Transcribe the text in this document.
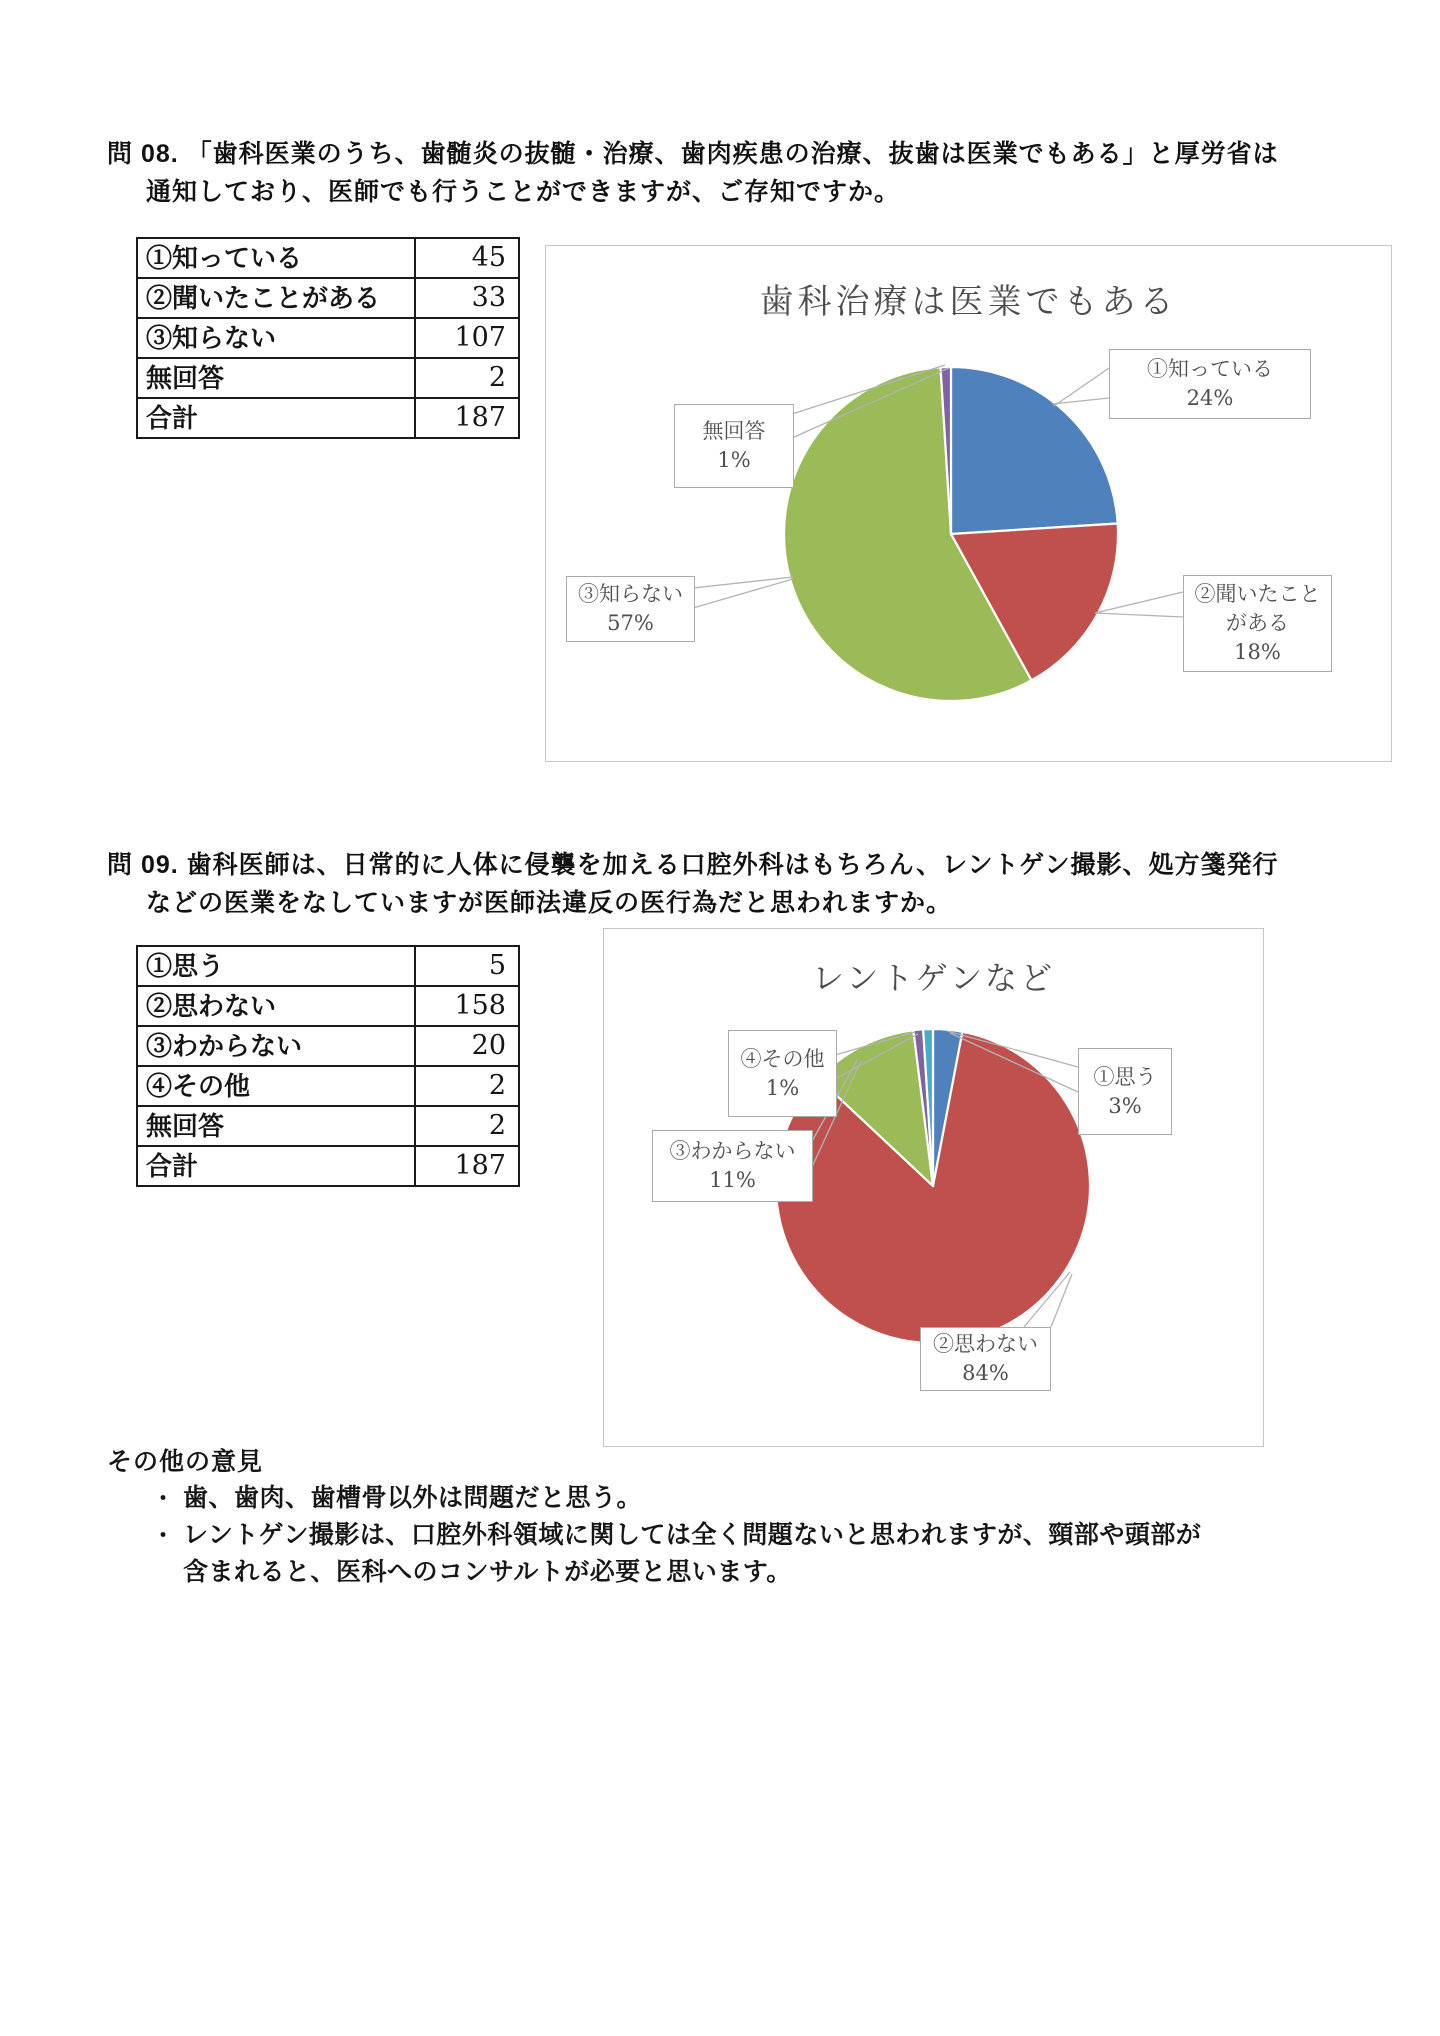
問 08. 「歯科医業のうち、歯髄炎の抜髄・治療、歯肉疾患の治療、抜歯は医業でもある」と厚労省は
通知しており、医師でも行うことができますが、ご存知ですか。
①知っている	45
②聞いたことがある	33
③知らない	107
無回答	2
合計	187
歯科治療は医業でもある
無回答
1%
①知っている
24%
②聞いたこと
がある
18%
③知らない
57%
問 09. 歯科医師は、日常的に人体に侵襲を加える口腔外科はもちろん、レントゲン撮影、処方箋発行
などの医業をなしていますが医師法違反の医行為だと思われますか。
①思う	5
②思わない	158
③わからない	20
④その他	2
無回答	2
合計	187
レントゲンなど
④その他
1%	①思う
3%
③わからない
11%
②思わない
84%
その他の意見
・ 歯、歯肉、歯槽骨以外は問題だと思う。
・ レントゲン撮影は、口腔外科領域に関しては全く問題ないと思われますが、頸部や頭部が
含まれると、医科へのコンサルトが必要と思います。
